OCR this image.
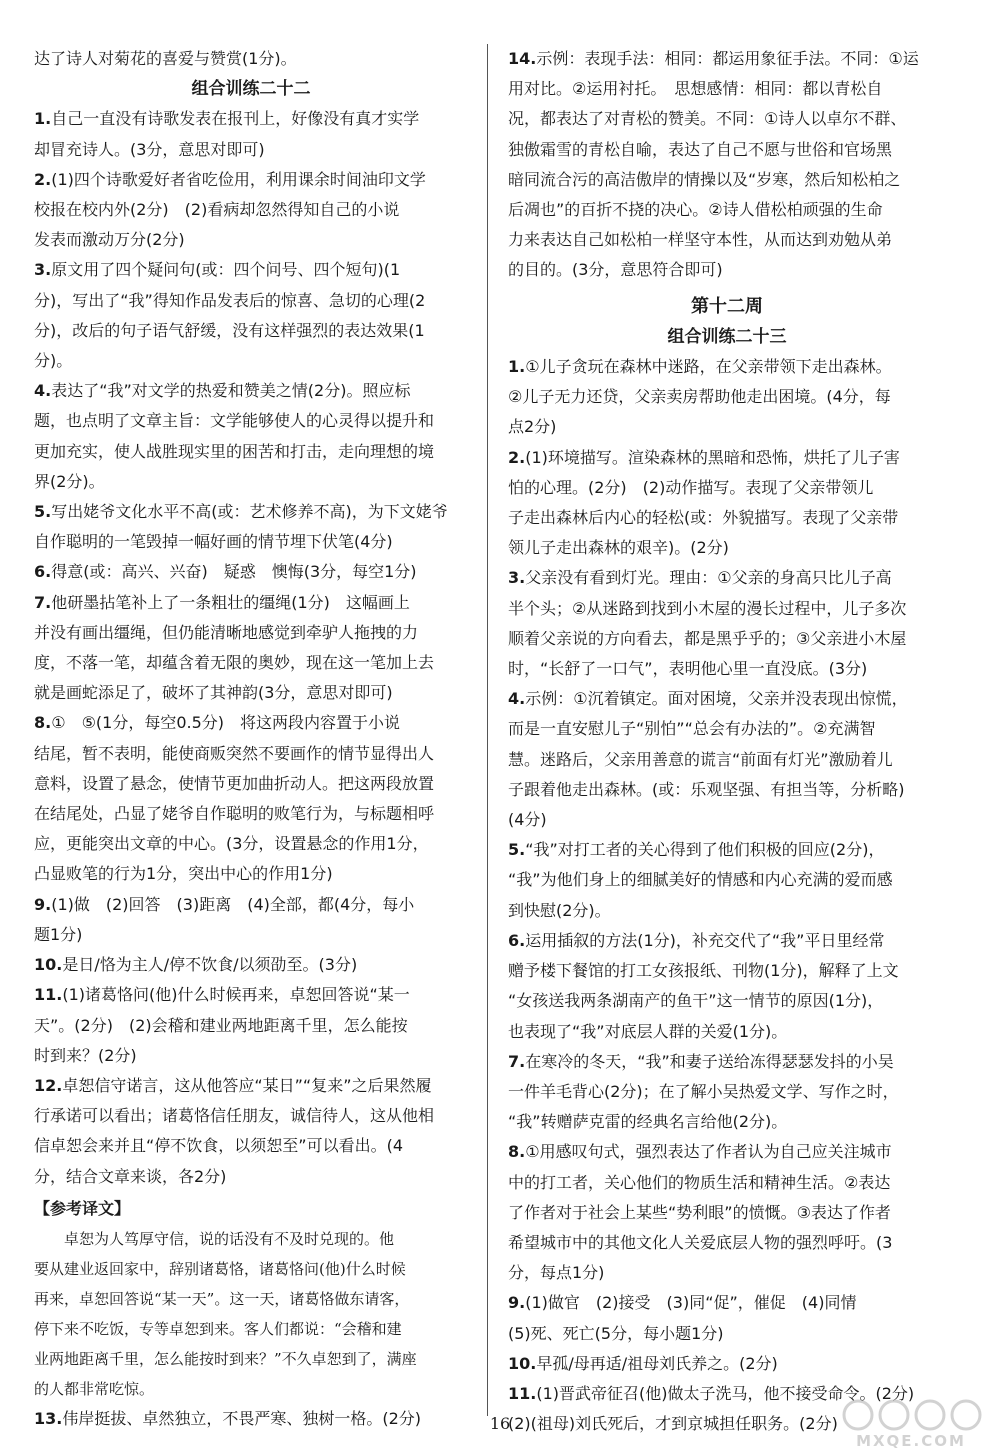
达了诗人对菊花的喜爱与赞赏(1分)。
组合训练二十二
1.自己一直没有诗歌发表在报刊上，好像没有真才实学
却冒充诗人。(3分，意思对即可)
2.(1)四个诗歌爱好者省吃俭用，利用课余时间油印文学
校报在校内外(2分)　(2)看病却忽然得知自己的小说
发表而激动万分(2分)
3.原文用了四个疑问句(或：四个问号、四个短句)(1
分)，写出了“我”得知作品发表后的惊喜、急切的心理(2
分)，改后的句子语气舒缓，没有这样强烈的表达效果(1
分)。
4.表达了“我”对文学的热爱和赞美之情(2分)。照应标
题，也点明了文章主旨：文学能够使人的心灵得以提升和
更加充实，使人战胜现实里的困苦和打击，走向理想的境
界(2分)。
5.写出姥爷文化水平不高(或：艺术修养不高)，为下文姥爷
自作聪明的一笔毁掉一幅好画的情节埋下伏笔(4分)
6.得意(或：高兴、兴奋)　疑惑　懊悔(3分，每空1分)
7.他研墨拈笔补上了一条粗壮的缰绳(1分)　这幅画上
并没有画出缰绳，但仍能清晰地感觉到牵驴人拖拽的力
度，不落一笔，却蕴含着无限的奥妙，现在这一笔加上去
就是画蛇添足了，破坏了其神韵(3分，意思对即可)
8.①　⑤(1分，每空0.5分)　将这两段内容置于小说
结尾，暂不表明，能使商贩突然不要画作的情节显得出人
意料，设置了悬念，使情节更加曲折动人。把这两段放置
在结尾处，凸显了姥爷自作聪明的败笔行为，与标题相呼
应，更能突出文章的中心。(3分，设置悬念的作用1分，
凸显败笔的行为1分，突出中心的作用1分)
9.(1)做　(2)回答　(3)距离　(4)全部，都(4分，每小
题1分)
10.是日/恪为主人/停不饮食/以须劭至。(3分)
11.(1)诸葛恪问(他)什么时候再来，卓恕回答说“某一
天”。(2分)　(2)会稽和建业两地距离千里，怎么能按
时到来？(2分)
12.卓恕信守诺言，这从他答应“某日”“复来”之后果然履
行承诺可以看出；诸葛恪信任朋友，诚信待人，这从他相
信卓恕会来并且“停不饮食，以须恕至”可以看出。(4
分，结合文章来谈，各2分)
【参考译文】
卓恕为人笃厚守信，说的话没有不及时兑现的。他
要从建业返回家中，辞别诸葛恪，诸葛恪问(他)什么时候
再来，卓恕回答说“某一天”。这一天，诸葛恪做东请客，
停下来不吃饭，专等卓恕到来。客人们都说：“会稽和建
业两地距离千里，怎么能按时到来？”不久卓恕到了，满座
的人都非常吃惊。
13.伟岸挺拔、卓然独立，不畏严寒、独树一格。(2分)
14.示例：表现手法：相同：都运用象征手法。不同：①运
用对比。②运用衬托。　思想感情：相同：都以青松自
况，都表达了对青松的赞美。不同：①诗人以卓尔不群、
独傲霜雪的青松自喻，表达了自己不愿与世俗和官场黑
暗同流合污的高洁傲岸的情操以及“岁寒，然后知松柏之
后凋也”的百折不挠的决心。②诗人借松柏顽强的生命
力来表达自己如松柏一样坚守本性，从而达到劝勉从弟
的目的。(3分，意思符合即可)
第十二周
组合训练二十三
1.①儿子贪玩在森林中迷路，在父亲带领下走出森林。
②儿子无力还贷，父亲卖房帮助他走出困境。(4分，每
点2分)
2.(1)环境描写。渲染森林的黑暗和恐怖，烘托了儿子害
怕的心理。(2分)　(2)动作描写。表现了父亲带领儿
子走出森林后内心的轻松(或：外貌描写。表现了父亲带
领儿子走出森林的艰辛)。(2分)
3.父亲没有看到灯光。理由：①父亲的身高只比儿子高
半个头；②从迷路到找到小木屋的漫长过程中，儿子多次
顺着父亲说的方向看去，都是黑乎乎的；③父亲进小木屋
时，“长舒了一口气”，表明他心里一直没底。(3分)
4.示例：①沉着镇定。面对困境，父亲并没表现出惊慌，
而是一直安慰儿子“别怕”“总会有办法的”。②充满智
慧。迷路后，父亲用善意的谎言“前面有灯光”激励着儿
子跟着他走出森林。(或：乐观坚强、有担当等，分析略)
(4分)
5.“我”对打工者的关心得到了他们积极的回应(2分)，
“我”为他们身上的细腻美好的情感和内心充满的爱而感
到快慰(2分)。
6.运用插叙的方法(1分)，补充交代了“我”平日里经常
赠予楼下餐馆的打工女孩报纸、刊物(1分)，解释了上文
“女孩送我两条湖南产的鱼干”这一情节的原因(1分)，
也表现了“我”对底层人群的关爱(1分)。
7.在寒冷的冬天，“我”和妻子送给冻得瑟瑟发抖的小吴
一件羊毛背心(2分)；在了解小吴热爱文学、写作之时，
“我”转赠萨克雷的经典名言给他(2分)。
8.①用感叹句式，强烈表达了作者认为自己应关注城市
中的打工者，关心他们的物质生活和精神生活。②表达
了作者对于社会上某些“势利眼”的愤慨。③表达了作者
希望城市中的其他文化人关爱底层人物的强烈呼吁。(3
分，每点1分)
9.(1)做官　(2)接受　(3)同“促”，催促　(4)同情
(5)死、死亡(5分，每小题1分)
10.早孤/母再适/祖母刘氏养之。(2分)
11.(1)晋武帝征召(他)做太子洗马，他不接受命令。(2分)
(2)(祖母)刘氏死后，才到京城担任职务。(2分)
16
MXQE.COM
